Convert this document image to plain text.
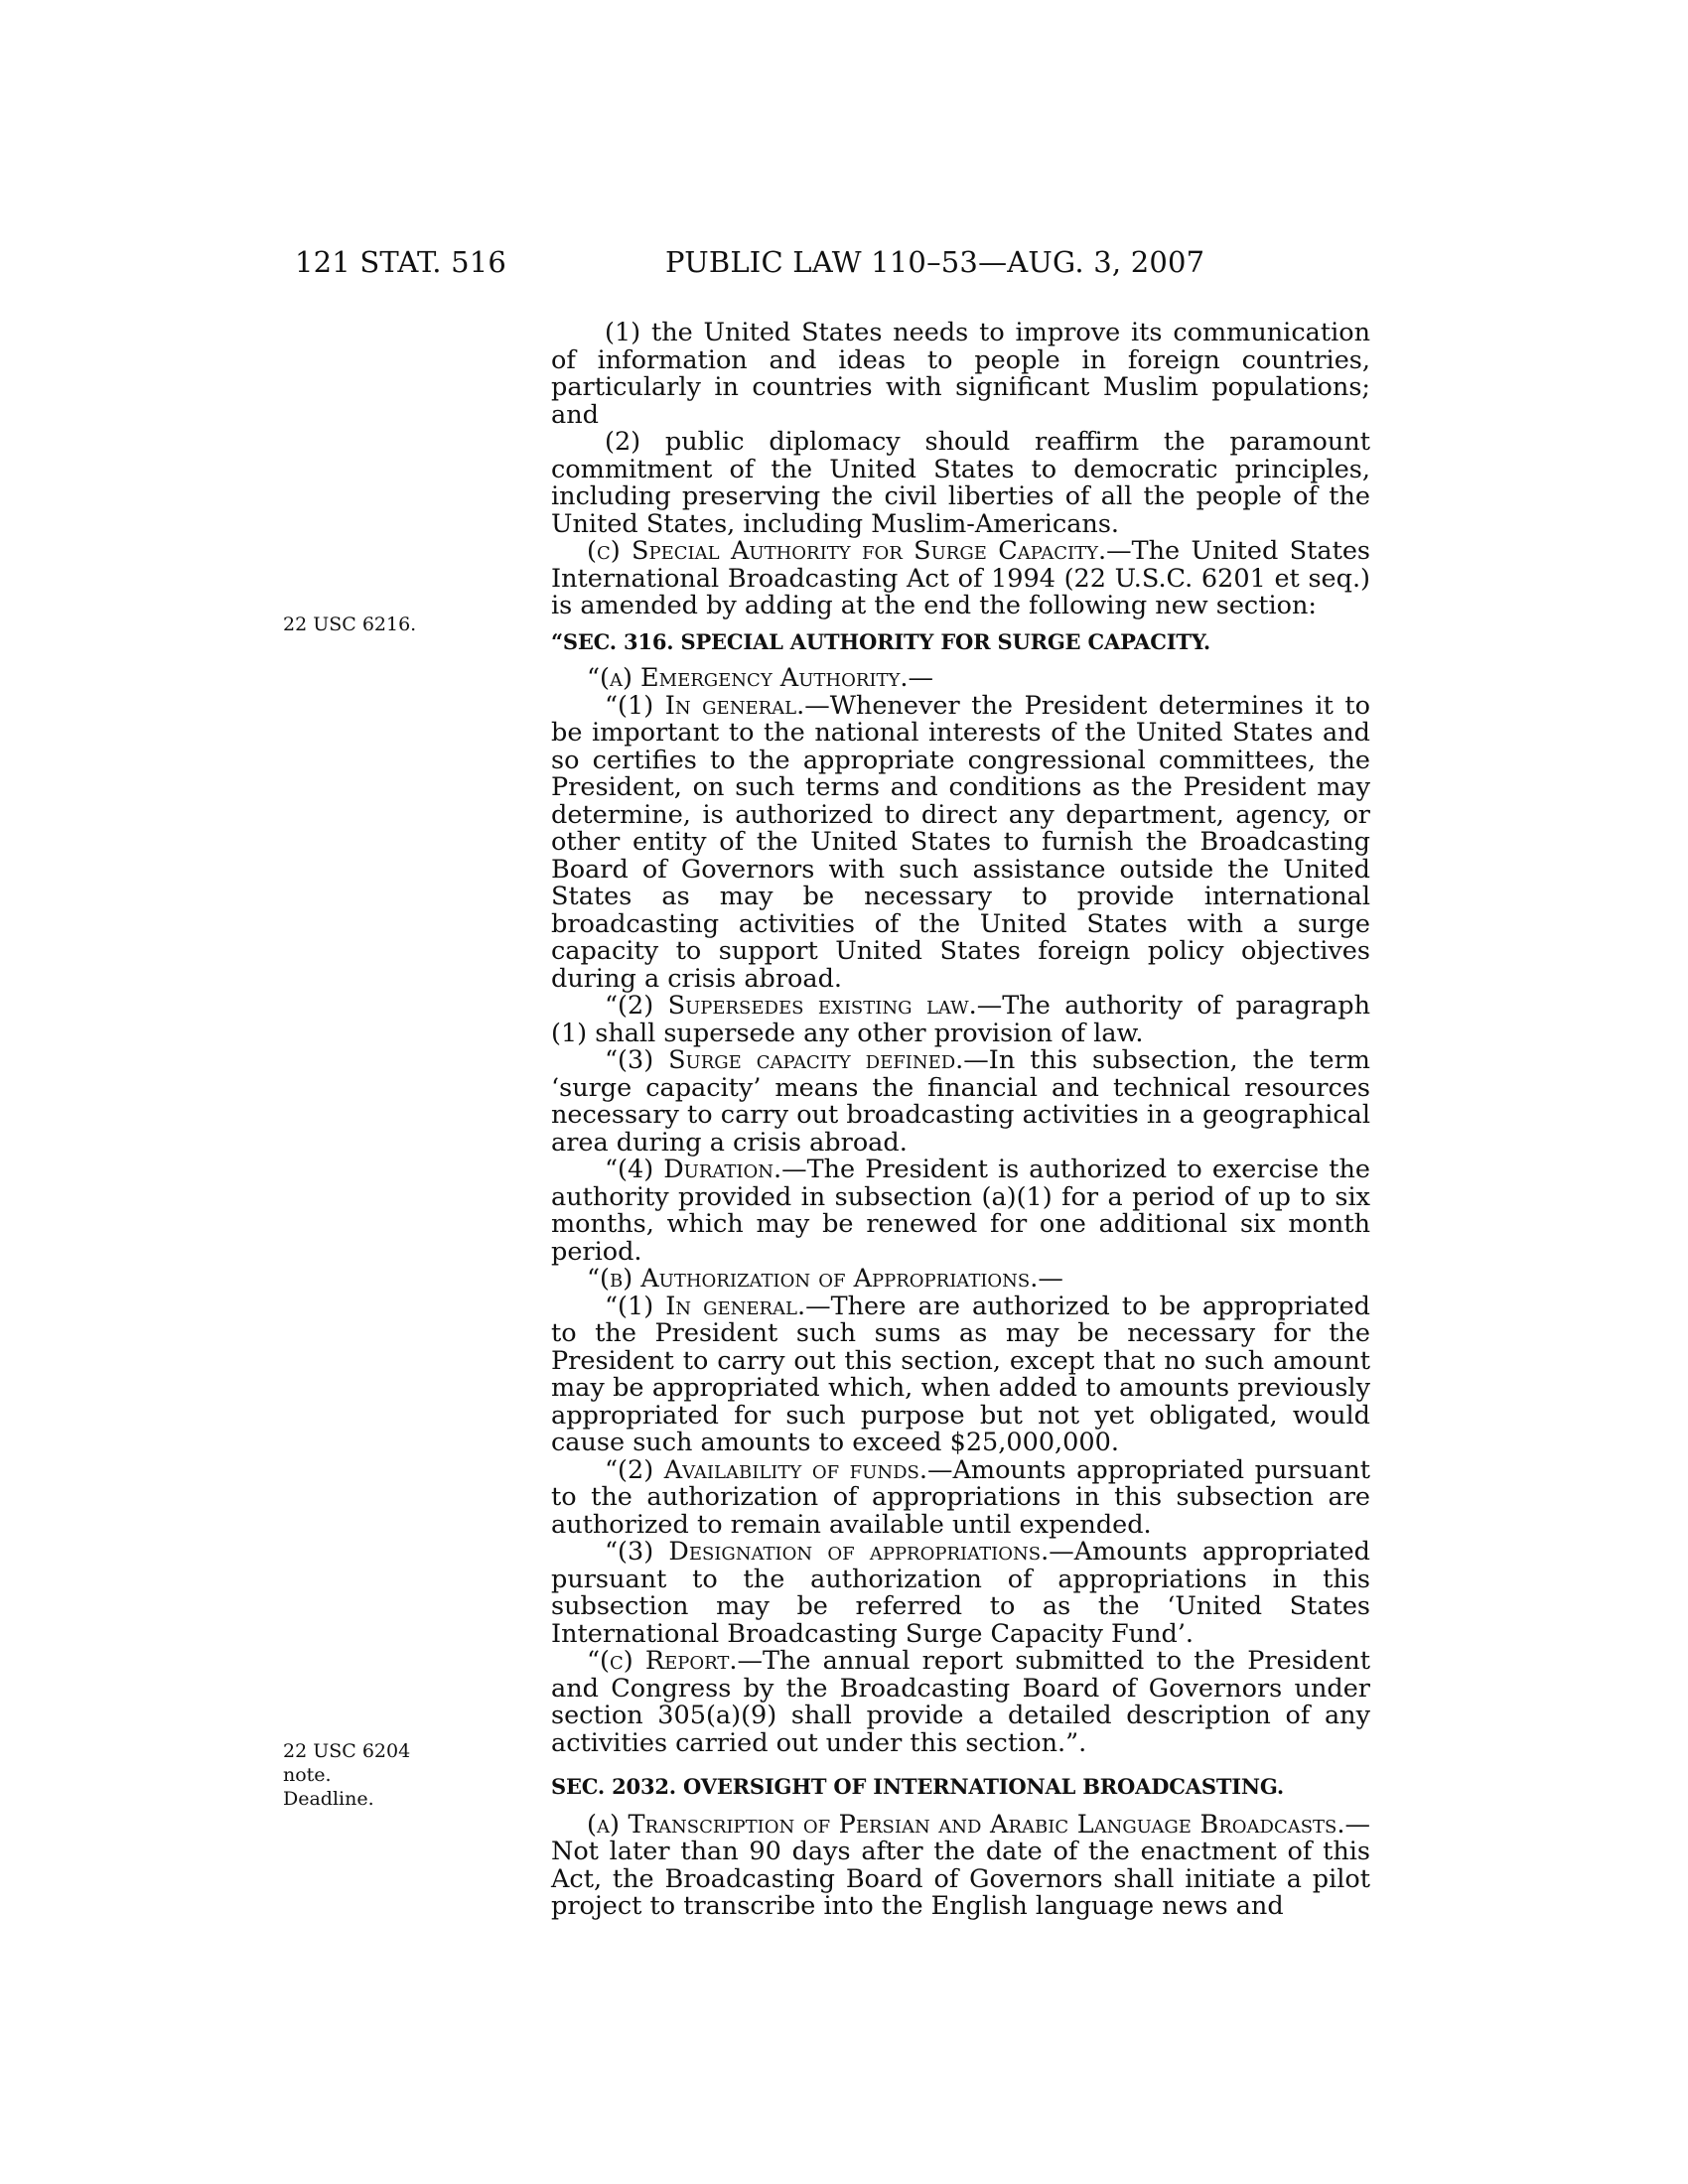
121 STAT. 516	PUBLIC LAW 110–53—AUG. 3, 2007
22 USC 6216.
22 USC 6204
note.
Deadline.

(1) the United States needs to improve its communication of information and ideas to people in foreign countries, particularly in countries with significant Muslim populations; and

(2) public diplomacy should reaffirm the paramount commitment of the United States to democratic principles, including preserving the civil liberties of all the people of the United States, including Muslim-Americans.

(c) Special Authority for Surge Capacity.—The United States International Broadcasting Act of 1994 (22 U.S.C. 6201 et seq.) is amended by adding at the end the following new section:

“SEC. 316. SPECIAL AUTHORITY FOR SURGE CAPACITY.

“(a) Emergency Authority.—

“(1) In general.—Whenever the President determines it to be important to the national interests of the United States and so certifies to the appropriate congressional committees, the President, on such terms and conditions as the President may determine, is authorized to direct any department, agency, or other entity of the United States to furnish the Broadcasting Board of Governors with such assistance outside the United States as may be necessary to provide international broadcasting activities of the United States with a surge capacity to support United States foreign policy objectives during a crisis abroad.

“(2) Supersedes existing law.—The authority of paragraph (1) shall supersede any other provision of law.

“(3) Surge capacity defined.—In this subsection, the term ‘surge capacity’ means the financial and technical resources necessary to carry out broadcasting activities in a geographical area during a crisis abroad.

“(4) Duration.—The President is authorized to exercise the authority provided in subsection (a)(1) for a period of up to six months, which may be renewed for one additional six month period.

“(b) Authorization of Appropriations.—

“(1) In general.—There are authorized to be appropriated to the President such sums as may be necessary for the President to carry out this section, except that no such amount may be appropriated which, when added to amounts previously appropriated for such purpose but not yet obligated, would cause such amounts to exceed $25,000,000.

“(2) Availability of funds.—Amounts appropriated pursuant to the authorization of appropriations in this subsection are authorized to remain available until expended.

“(3) Designation of appropriations.—Amounts appropriated pursuant to the authorization of appropriations in this subsection may be referred to as the ‘United States International Broadcasting Surge Capacity Fund’.

“(c) Report.—The annual report submitted to the President and Congress by the Broadcasting Board of Governors under section 305(a)(9) shall provide a detailed description of any activities carried out under this section.”.

SEC. 2032. OVERSIGHT OF INTERNATIONAL BROADCASTING.

(a) Transcription of Persian and Arabic Language Broadcasts.—Not later than 90 days after the date of the enactment of this Act, the Broadcasting Board of Governors shall initiate a pilot project to transcribe into the English language news and
